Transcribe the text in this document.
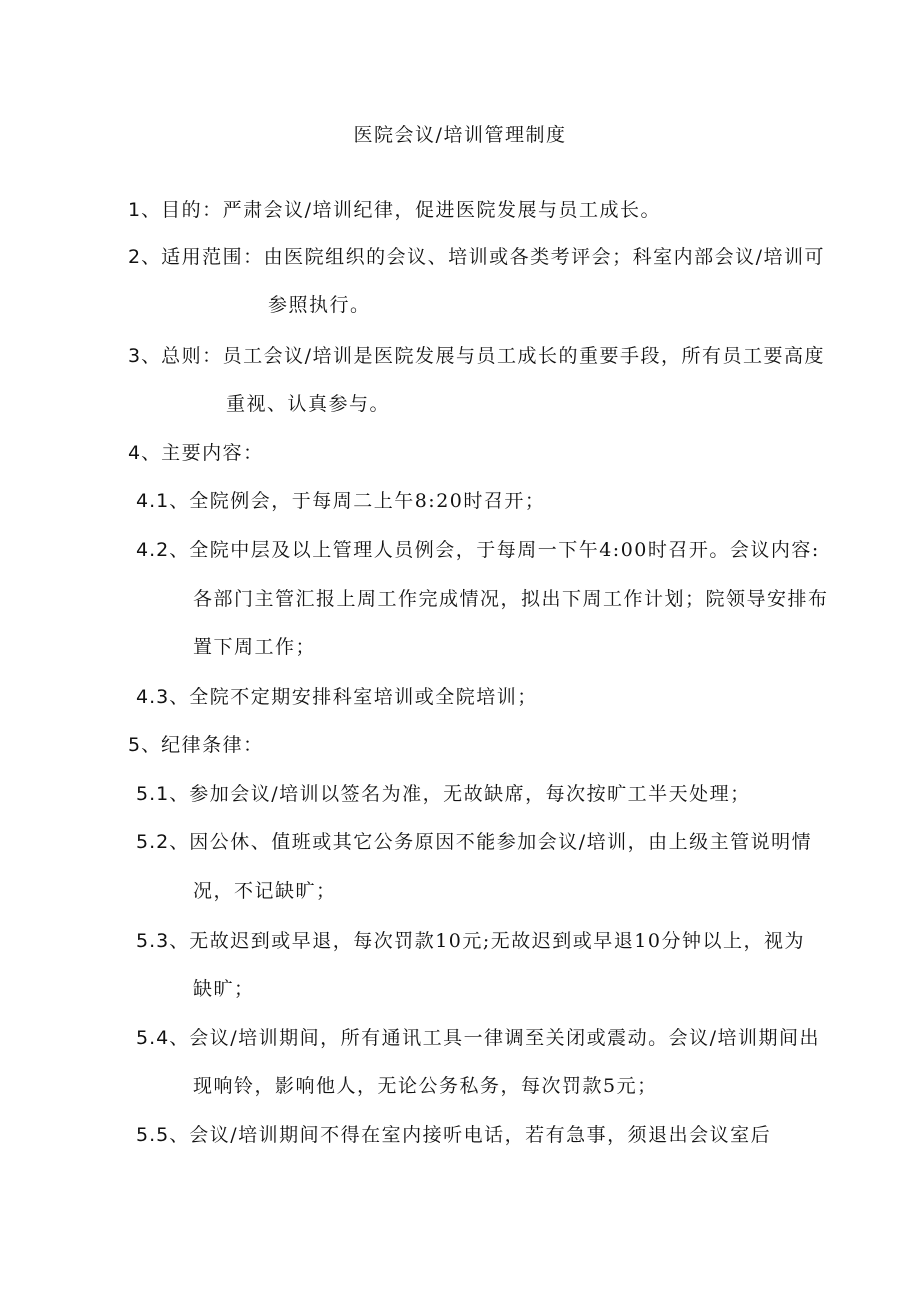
医院会议/培训管理制度
1、目的：严肃会议/培训纪律，促进医院发展与员工成长。
2、适用范围：由医院组织的会议、培训或各类考评会；科室内部会议/培训可
参照执行。
3、总则：员工会议/培训是医院发展与员工成长的重要手段，所有员工要高度
重视、认真参与。
4、主要内容：
4.1、全院例会，于每周二上午8:20时召开；
4.2、全院中层及以上管理人员例会，于每周一下午4:00时召开。会议内容:
各部门主管汇报上周工作完成情况，拟出下周工作计划；院领导安排布
置下周工作；
4.3、全院不定期安排科室培训或全院培训；
5、纪律条律：
5.1、参加会议/培训以签名为准，无故缺席，每次按旷工半天处理；
5.2、因公休、值班或其它公务原因不能参加会议/培训，由上级主管说明情
况，不记缺旷；
5.3、无故迟到或早退，每次罚款10元;无故迟到或早退10分钟以上，视为
缺旷；
5.4、会议/培训期间，所有通讯工具一律调至关闭或震动。会议/培训期间出
现响铃，影响他人，无论公务私务，每次罚款5元；
5.5、会议/培训期间不得在室内接听电话，若有急事，须退出会议室后
